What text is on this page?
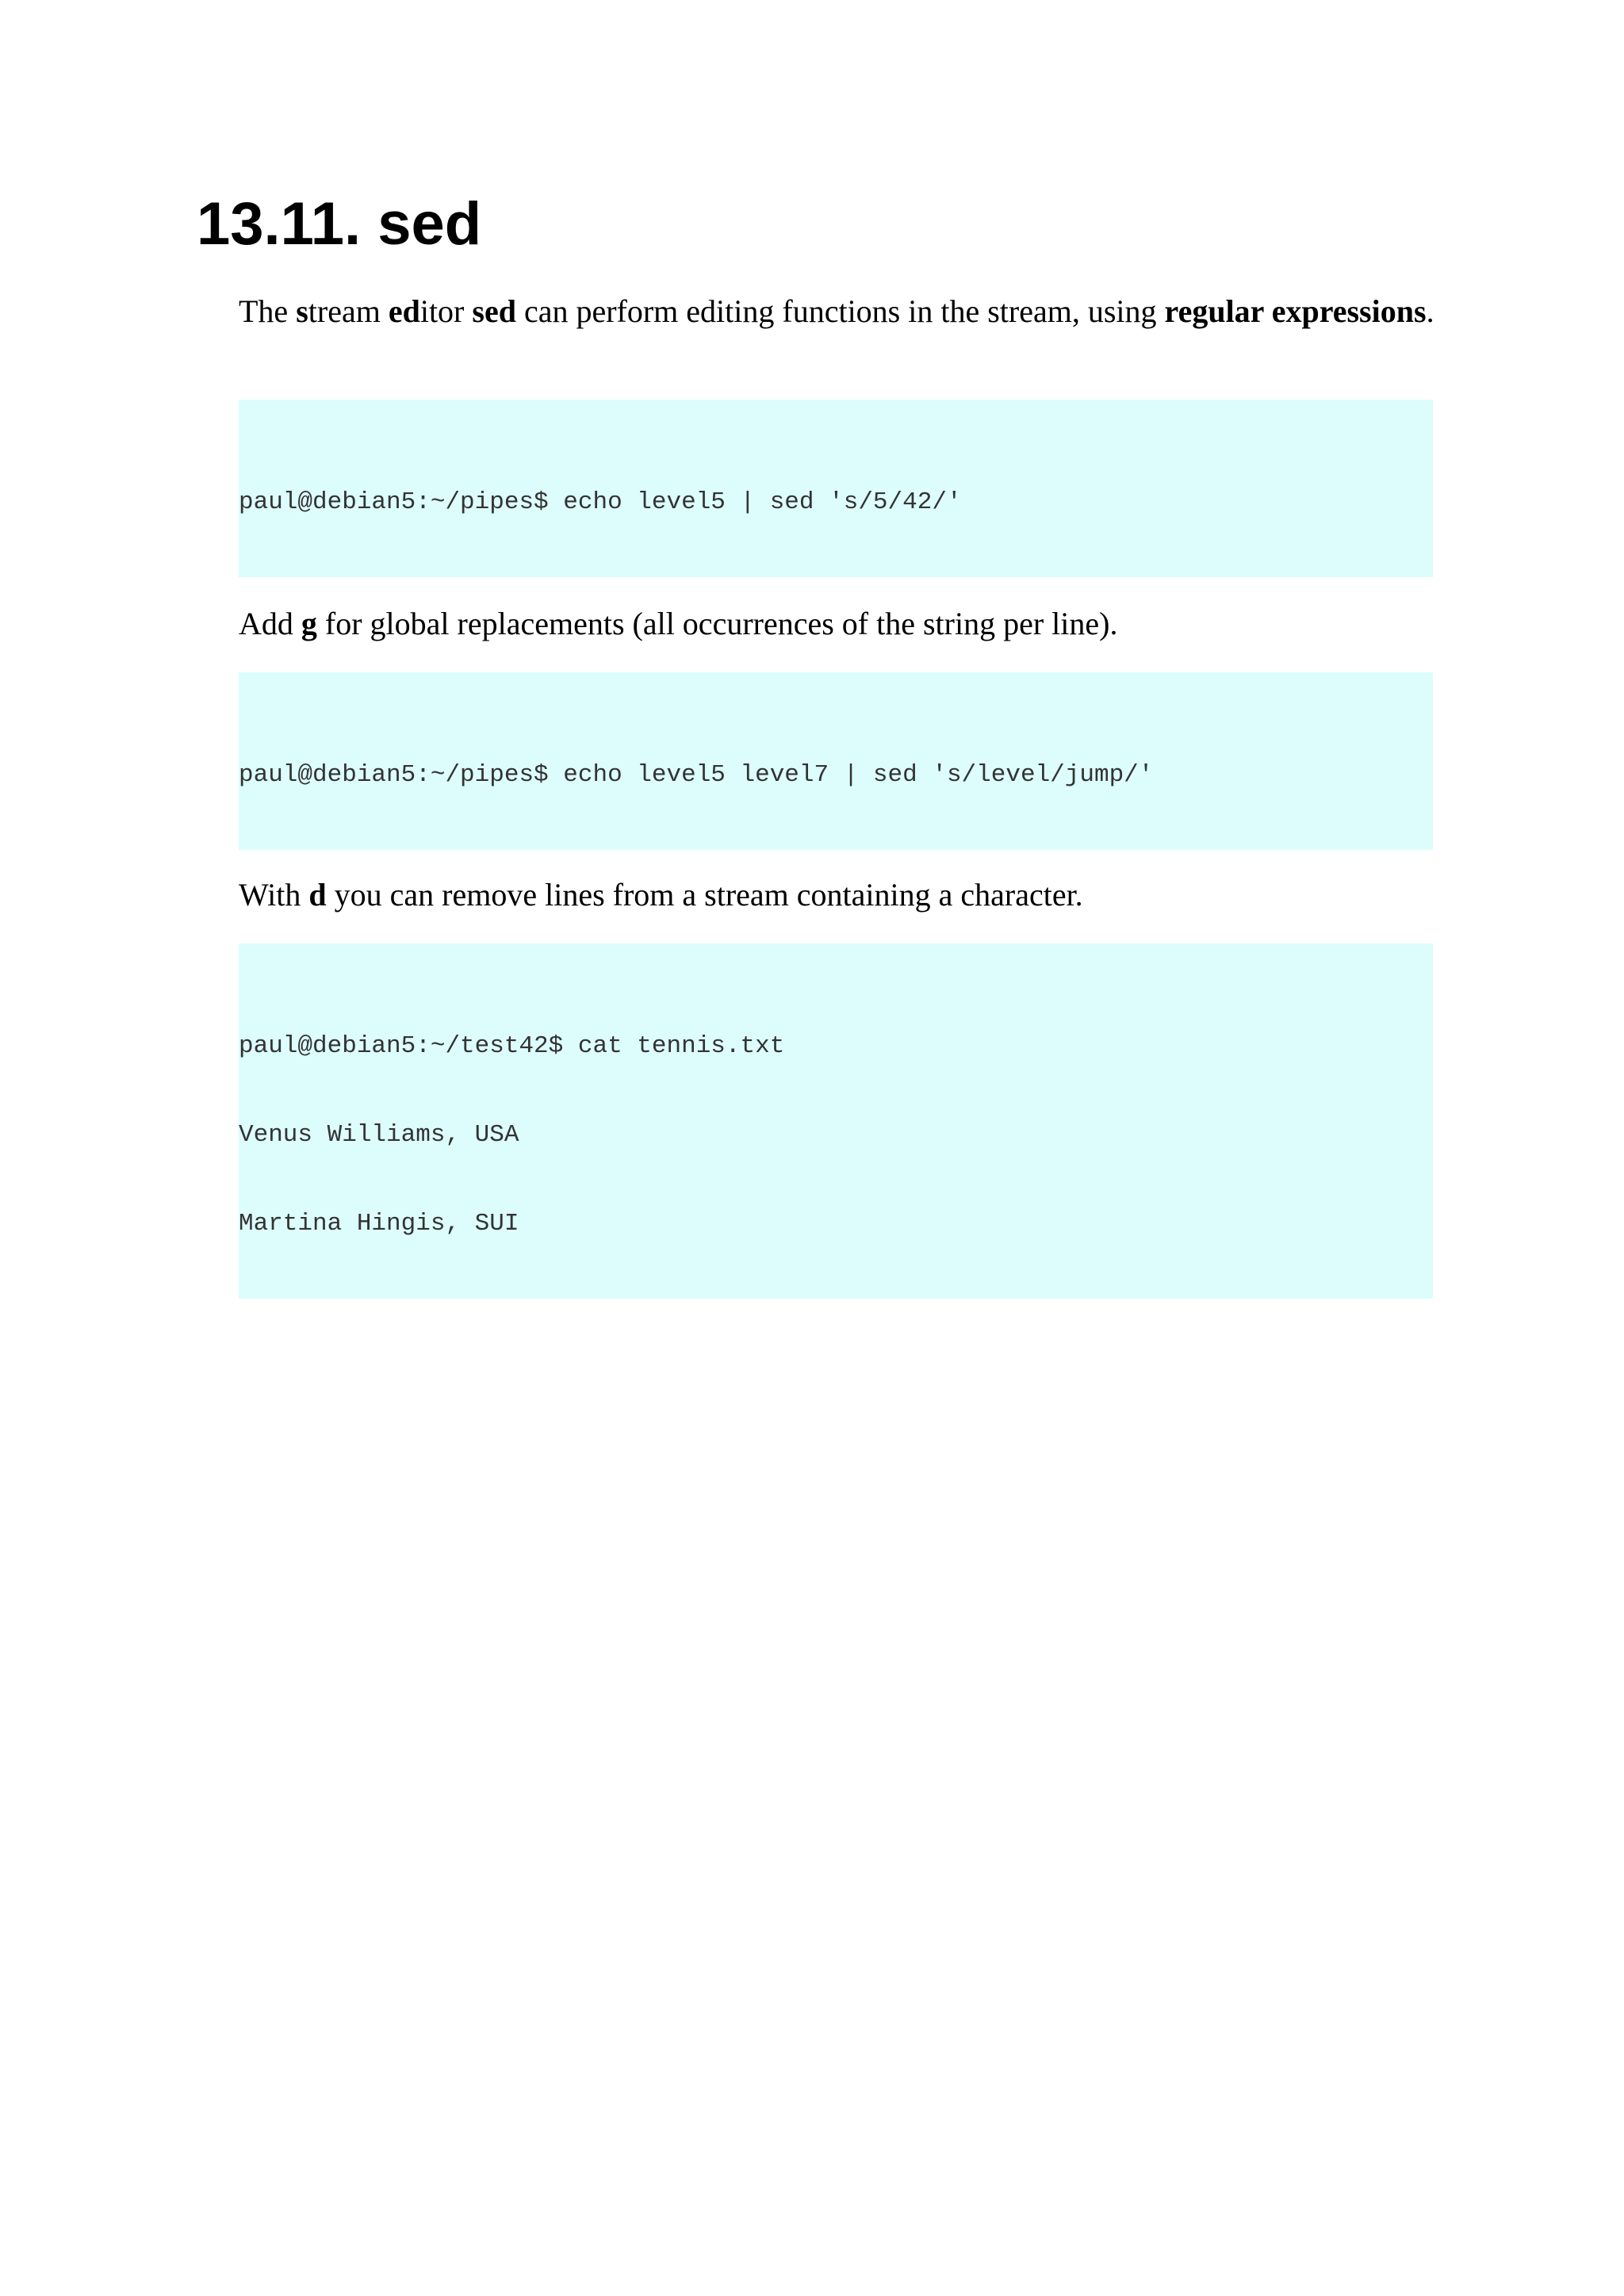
13.11. sed

The stream editor sed can perform editing functions in the stream, using regular expressions.

paul@debian5:~/pipes$ echo level5 | sed 's/5/42/'

Add g for global replacements (all occurrences of the string per line).

paul@debian5:~/pipes$ echo level5 level7 | sed 's/level/jump/'

With d you can remove lines from a stream containing a character.

paul@debian5:~/test42$ cat tennis.txt

Venus Williams, USA

Martina Hingis, SUI
